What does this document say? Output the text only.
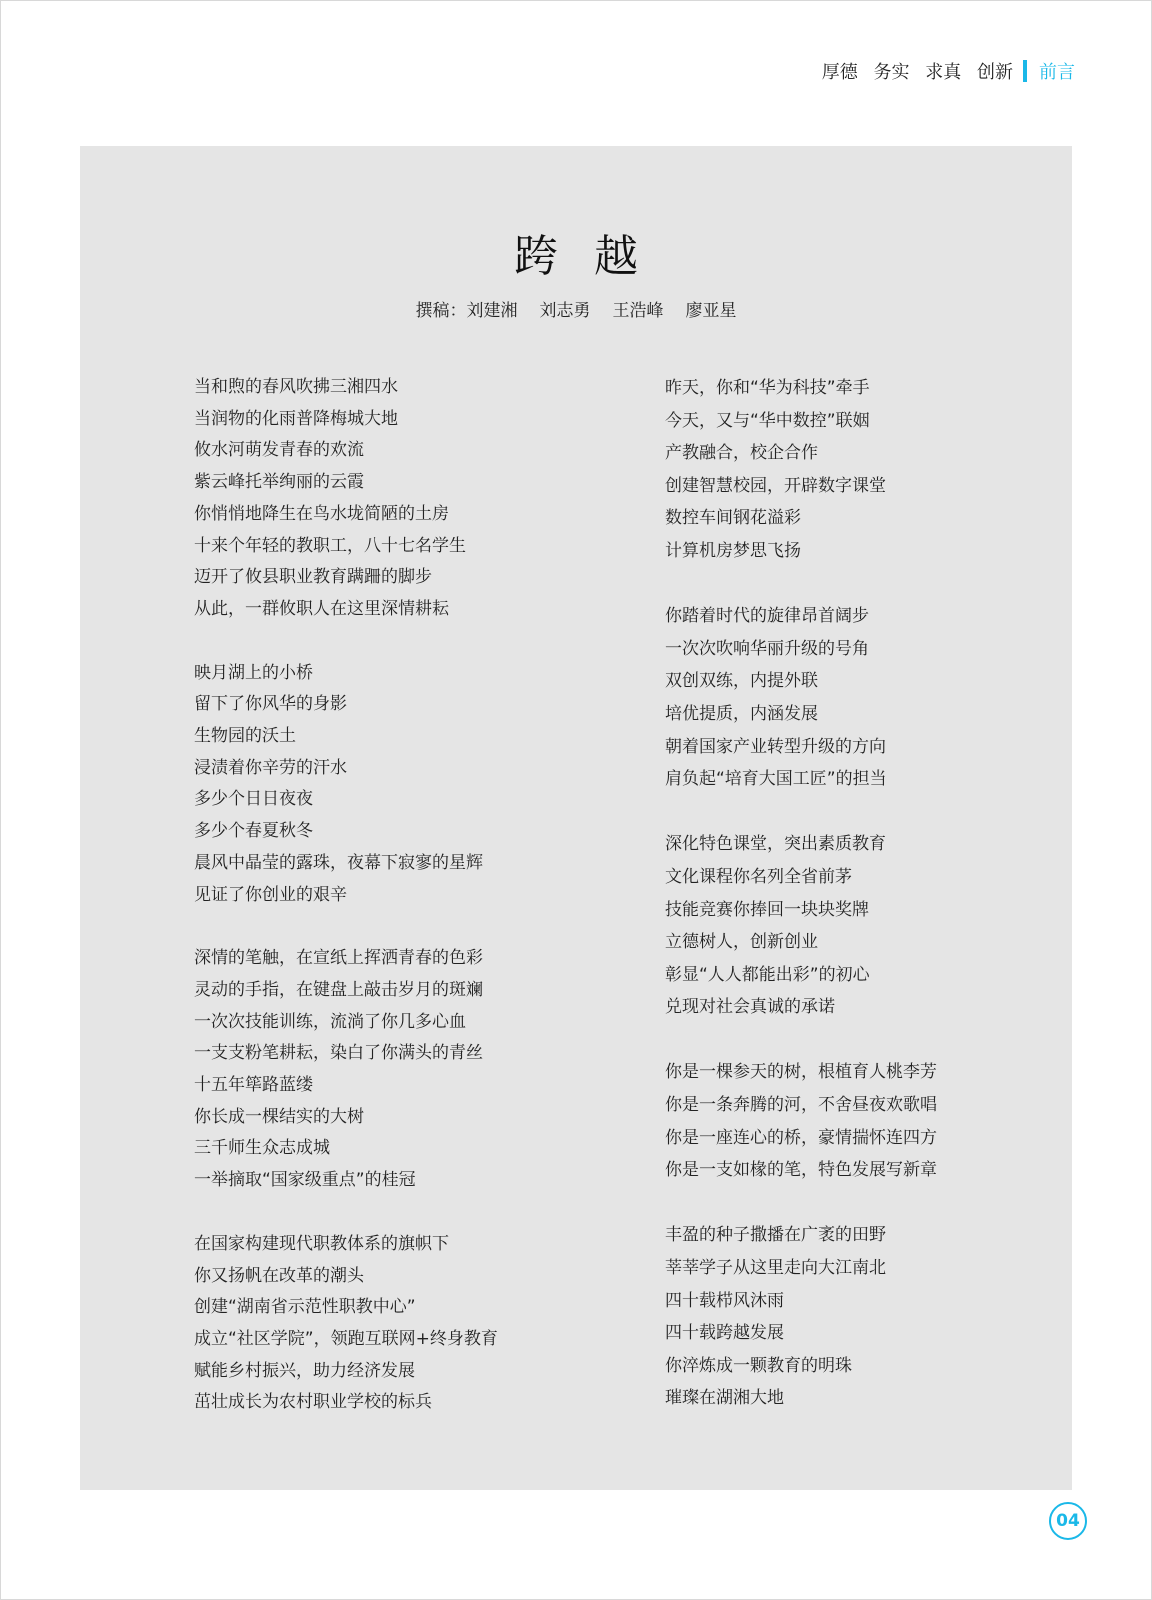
厚德 务实 求真 创新 前言
跨越
撰稿：刘建湘 刘志勇 王浩峰 廖亚星
当和煦的春风吹拂三湘四水
当润物的化雨普降梅城大地
攸水河萌发青春的欢流
紫云峰托举绚丽的云霞
你悄悄地降生在鸟水垅简陋的土房
十来个年轻的教职工，八十七名学生
迈开了攸县职业教育蹒跚的脚步
从此，一群攸职人在这里深情耕耘
映月湖上的小桥
留下了你风华的身影
生物园的沃土
浸渍着你辛劳的汗水
多少个日日夜夜
多少个春夏秋冬
晨风中晶莹的露珠，夜幕下寂寥的星辉
见证了你创业的艰辛
深情的笔触，在宣纸上挥洒青春的色彩
灵动的手指，在键盘上敲击岁月的斑斓
一次次技能训练，流淌了你几多心血
一支支粉笔耕耘，染白了你满头的青丝
十五年筚路蓝缕
你长成一棵结实的大树
三千师生众志成城
一举摘取“国家级重点”的桂冠
在国家构建现代职教体系的旗帜下
你又扬帆在改革的潮头
创建“湖南省示范性职教中心”
成立“社区学院”，领跑互联网+终身教育
赋能乡村振兴，助力经济发展
茁壮成长为农村职业学校的标兵
昨天，你和“华为科技”牵手
今天，又与“华中数控”联姻
产教融合，校企合作
创建智慧校园，开辟数字课堂
数控车间钢花溢彩
计算机房梦思飞扬
你踏着时代的旋律昂首阔步
一次次吹响华丽升级的号角
双创双练，内提外联
培优提质，内涵发展
朝着国家产业转型升级的方向
肩负起“培育大国工匠”的担当
深化特色课堂，突出素质教育
文化课程你名列全省前茅
技能竞赛你捧回一块块奖牌
立德树人，创新创业
彰显“人人都能出彩”的初心
兑现对社会真诚的承诺
你是一棵参天的树，根植育人桃李芳
你是一条奔腾的河，不舍昼夜欢歌唱
你是一座连心的桥，豪情揣怀连四方
你是一支如椽的笔，特色发展写新章
丰盈的种子撒播在广袤的田野
莘莘学子从这里走向大江南北
四十载栉风沐雨
四十载跨越发展
你淬炼成一颗教育的明珠
璀璨在湖湘大地
04
